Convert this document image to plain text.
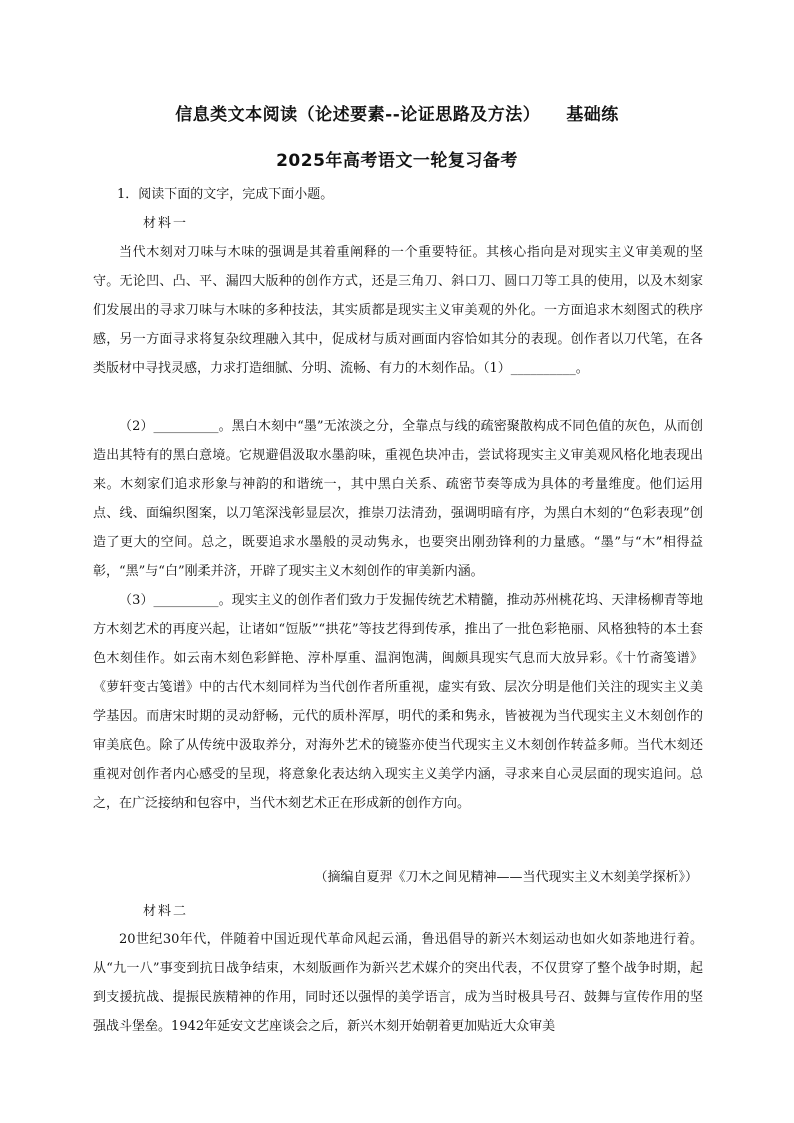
信息类文本阅读（论述要素--论证思路及方法） 基础练
2025年高考语文一轮复习备考
1．阅读下面的文字，完成下面小题。
材料一

当代木刻对刀味与木味的强调是其着重阐释的一个重要特征。其核心指向是对现实主义审美观的坚守。无论凹、凸、平、漏四大版种的创作方式，还是三角刀、斜口刀、圆口刀等工具的使用，以及木刻家们发展出的寻求刀味与木味的多种技法，其实质都是现实主义审美观的外化。一方面追求木刻图式的秩序感，另一方面寻求将复杂纹理融入其中，促成材与质对画面内容恰如其分的表现。创作者以刀代笔，在各类版材中寻找灵感，力求打造细腻、分明、流畅、有力的木刻作品。（1）__________。

（2）__________。黑白木刻中“墨”无浓淡之分，全靠点与线的疏密聚散构成不同色值的灰色，从而创造出其特有的黑白意境。它规避倡汲取水墨韵味，重视色块冲击，尝试将现实主义审美观风格化地表现出来。木刻家们追求形象与神韵的和谐统一，其中黑白关系、疏密节奏等成为具体的考量维度。他们运用点、线、面编织图案，以刀笔深浅彰显层次，推崇刀法清劲，强调明暗有序，为黑白木刻的“色彩表现”创造了更大的空间。总之，既要追求水墨般的灵动隽永，也要突出刚劲锋利的力量感。“墨”与“木”相得益彰，“黑”与“白”刚柔并济，开辟了现实主义木刻创作的审美新内涵。

（3）__________。现实主义的创作者们致力于发掘传统艺术精髓，推动苏州桃花坞、天津杨柳青等地方木刻艺术的再度兴起，让诸如“饾版”“拱花”等技艺得到传承，推出了一批色彩艳丽、风格独特的本土套色木刻佳作。如云南木刻色彩鲜艳、淳朴厚重、温润饱满，闽颇具现实气息而大放异彩。《十竹斋笺谱》《萝轩变古笺谱》中的古代木刻同样为当代创作者所重视，虚实有致、层次分明是他们关注的现实主义美学基因。而唐宋时期的灵动舒畅，元代的质朴浑厚，明代的柔和隽永，皆被视为当代现实主义木刻创作的审美底色。除了从传统中汲取养分，对海外艺术的镜鉴亦使当代现实主义木刻创作转益多师。当代木刻还重视对创作者内心感受的呈现，将意象化表达纳入现实主义美学内涵，寻求来自心灵层面的现实追问。总之，在广泛接纳和包容中，当代木刻艺术正在形成新的创作方向。

（摘编自夏羿《刀木之间见精神——当代现实主义木刻美学探析》）
材料二

20世纪30年代，伴随着中国近现代革命风起云涌，鲁迅倡导的新兴木刻运动也如火如荼地进行着。从“九一八”事变到抗日战争结束，木刻版画作为新兴艺术媒介的突出代表，不仅贯穿了整个战争时期，起到支援抗战、提振民族精神的作用，同时还以强悍的美学语言，成为当时极具号召、鼓舞与宣传作用的坚强战斗堡垒。1942年延安文艺座谈会之后，新兴木刻开始朝着更加贴近大众审美
